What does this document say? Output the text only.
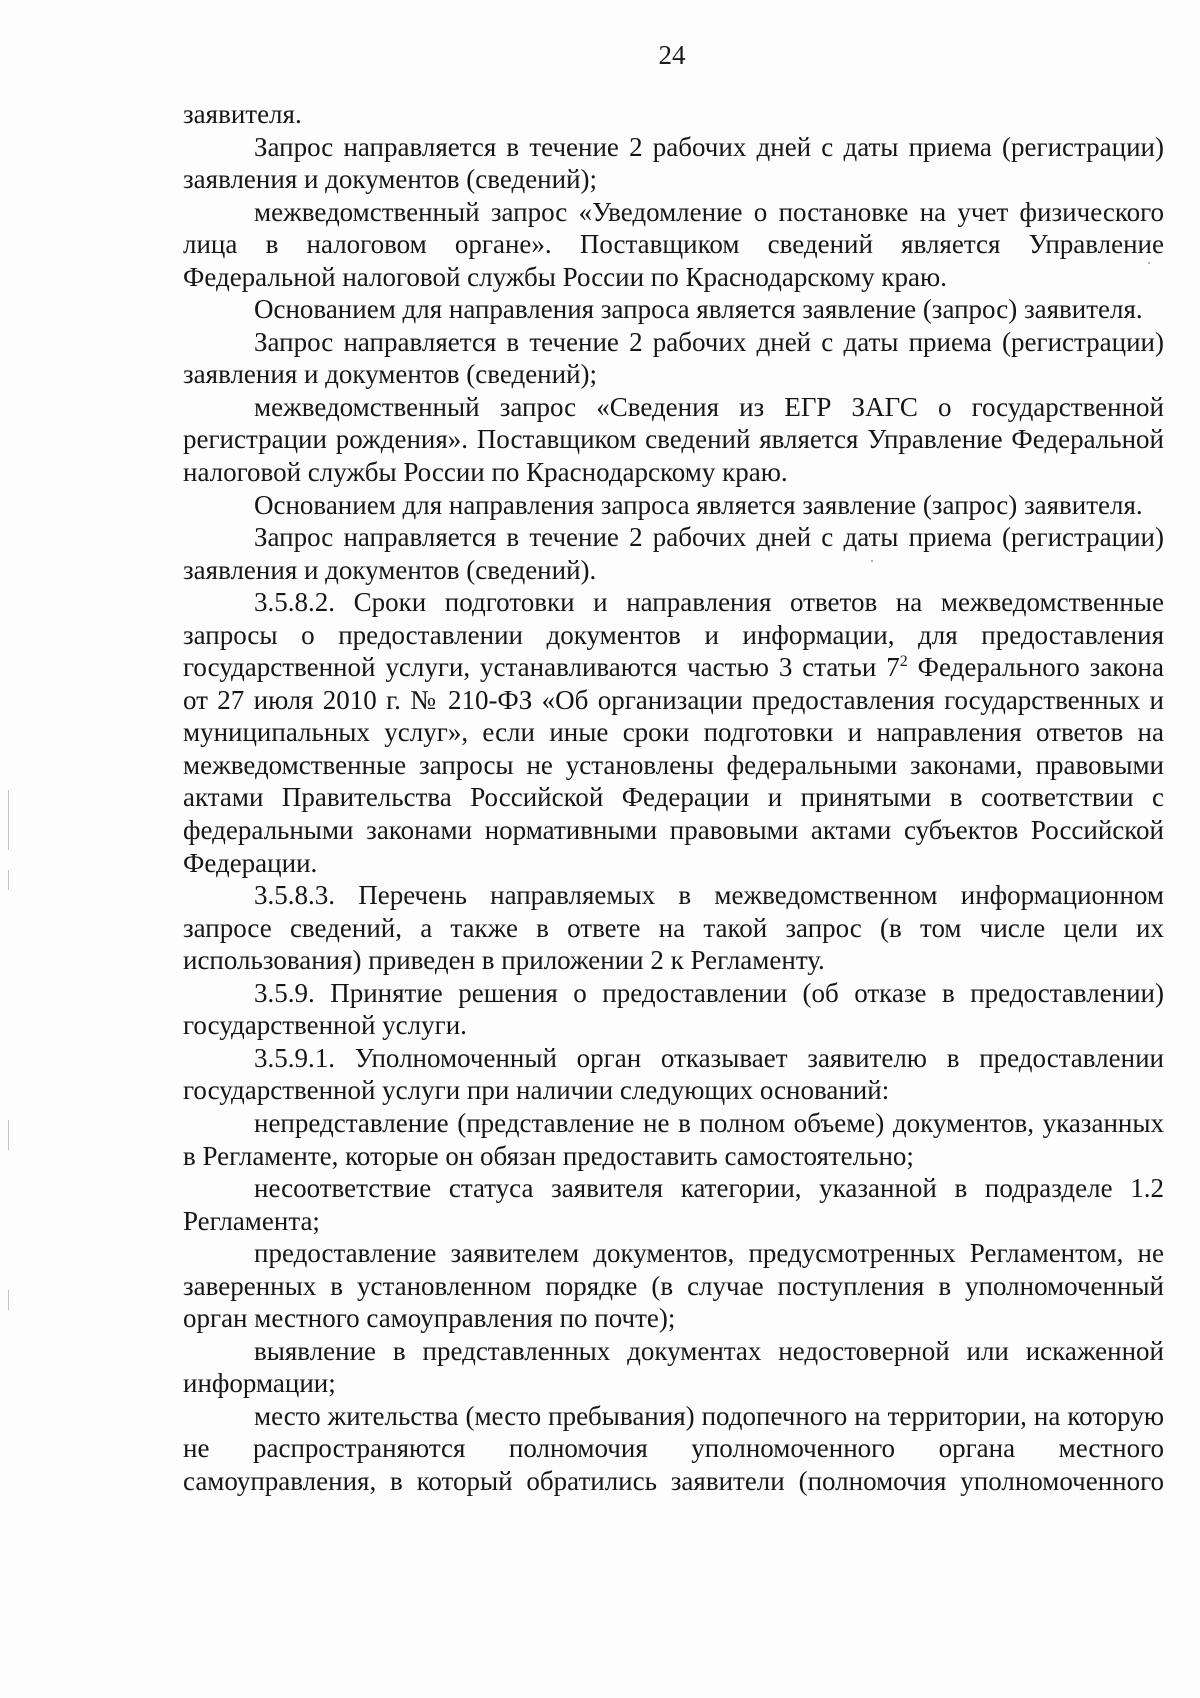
24

заявителя.

Запрос направляется в течение 2 рабочих дней с даты приема (регистрации) заявления и документов (сведений);

межведомственный запрос «Уведомление о постановке на учет физического лица в налоговом органе». Поставщиком сведений является Управление Федеральной налоговой службы России по Краснодарскому краю.

Основанием для направления запроса является заявление (запрос) заявителя.

Запрос направляется в течение 2 рабочих дней с даты приема (регистрации) заявления и документов (сведений);

межведомственный запрос «Сведения из ЕГР ЗАГС о государственной регистрации рождения». Поставщиком сведений является Управление Федеральной налоговой службы России по Краснодарскому краю.

Основанием для направления запроса является заявление (запрос) заявителя.

Запрос направляется в течение 2 рабочих дней с даты приема (регистрации) заявления и документов (сведений).

3.5.8.2. Сроки подготовки и направления ответов на межведомственные запросы о предоставлении документов и информации, для предоставления государственной услуги, устанавливаются частью 3 статьи $7^2$ Федерального закона от 27 июля 2010 г. № 210-ФЗ «Об организации предоставления государственных и муниципальных услуг», если иные сроки подготовки и направления ответов на межведомственные запросы не установлены федеральными законами, правовыми актами Правительства Российской Федерации и принятыми в соответствии с федеральными законами нормативными правовыми актами субъектов Российской Федерации.

3.5.8.3. Перечень направляемых в межведомственном информационном запросе сведений, а также в ответе на такой запрос (в том числе цели их использования) приведен в приложении 2 к Регламенту.

3.5.9. Принятие решения о предоставлении (об отказе в предоставлении) государственной услуги.

3.5.9.1. Уполномоченный орган отказывает заявителю в предоставлении государственной услуги при наличии следующих оснований:

непредставление (представление не в полном объеме) документов, указанных в Регламенте, которые он обязан предоставить самостоятельно;

несоответствие статуса заявителя категории, указанной в подразделе 1.2 Регламента;

предоставление заявителем документов, предусмотренных Регламентом, не заверенных в установленном порядке (в случае поступления в уполномоченный орган местного самоуправления по почте);

выявление в представленных документах недостоверной или искаженной информации;

место жительства (место пребывания) подопечного на территории, на которую не распространяются полномочия уполномоченного органа местного самоуправления, в который обратились заявители (полномочия уполномоченного
